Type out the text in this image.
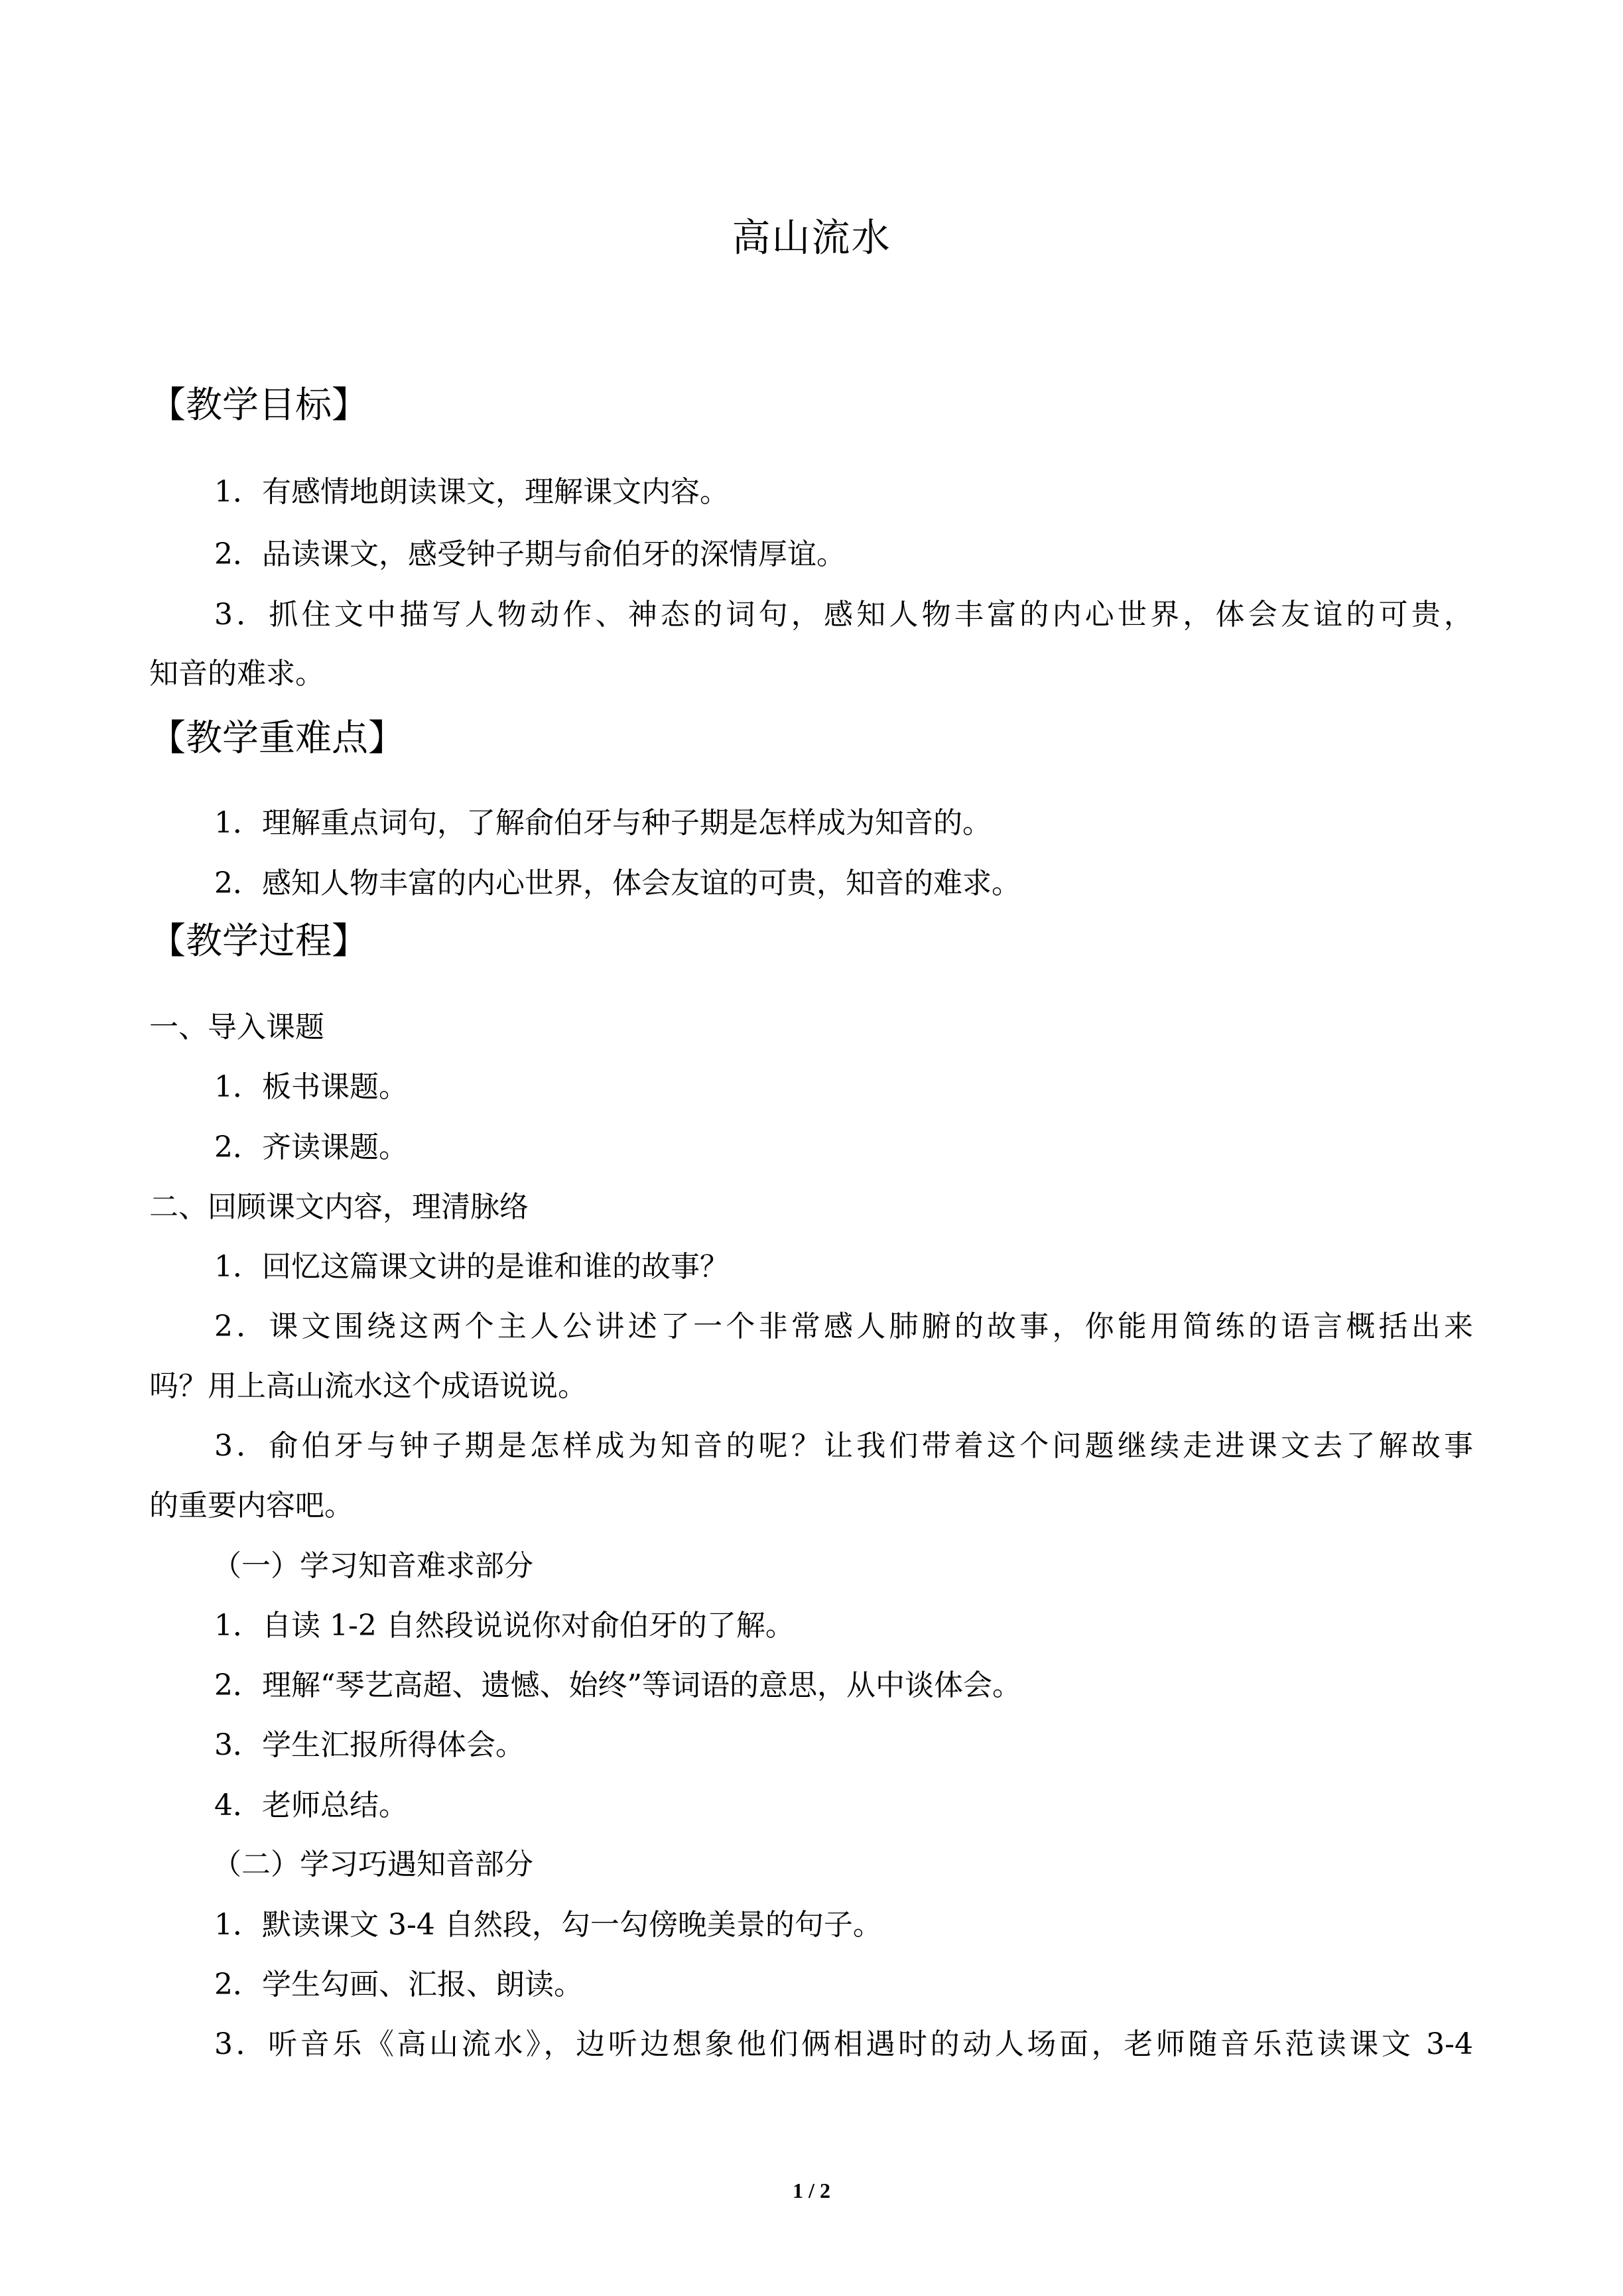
高山流水
【教学目标】
1．有感情地朗读课文，理解课文内容。
2．品读课文，感受钟子期与俞伯牙的深情厚谊。
3．抓住文中描写人物动作、神态的词句，感知人物丰富的内心世界，体会友谊的可贵，
知音的难求。
【教学重难点】
1．理解重点词句，了解俞伯牙与种子期是怎样成为知音的。
2．感知人物丰富的内心世界，体会友谊的可贵，知音的难求。
【教学过程】
一、导入课题
1．板书课题。
2．齐读课题。
二、回顾课文内容，理清脉络
1．回忆这篇课文讲的是谁和谁的故事？
2．课文围绕这两个主人公讲述了一个非常感人肺腑的故事，你能用简练的语言概括出来
吗？用上高山流水这个成语说说。
3．俞伯牙与钟子期是怎样成为知音的呢？让我们带着这个问题继续走进课文去了解故事
的重要内容吧。
（一）学习知音难求部分
1．自读 1-2 自然段说说你对俞伯牙的了解。
2．理解“琴艺高超、遗憾、始终”等词语的意思，从中谈体会。
3．学生汇报所得体会。
4．老师总结。
（二）学习巧遇知音部分
1．默读课文 3-4 自然段，勾一勾傍晚美景的句子。
2．学生勾画、汇报、朗读。
3．听音乐《高山流水》，边听边想象他们俩相遇时的动人场面，老师随音乐范读课文 3-4
1 / 2
